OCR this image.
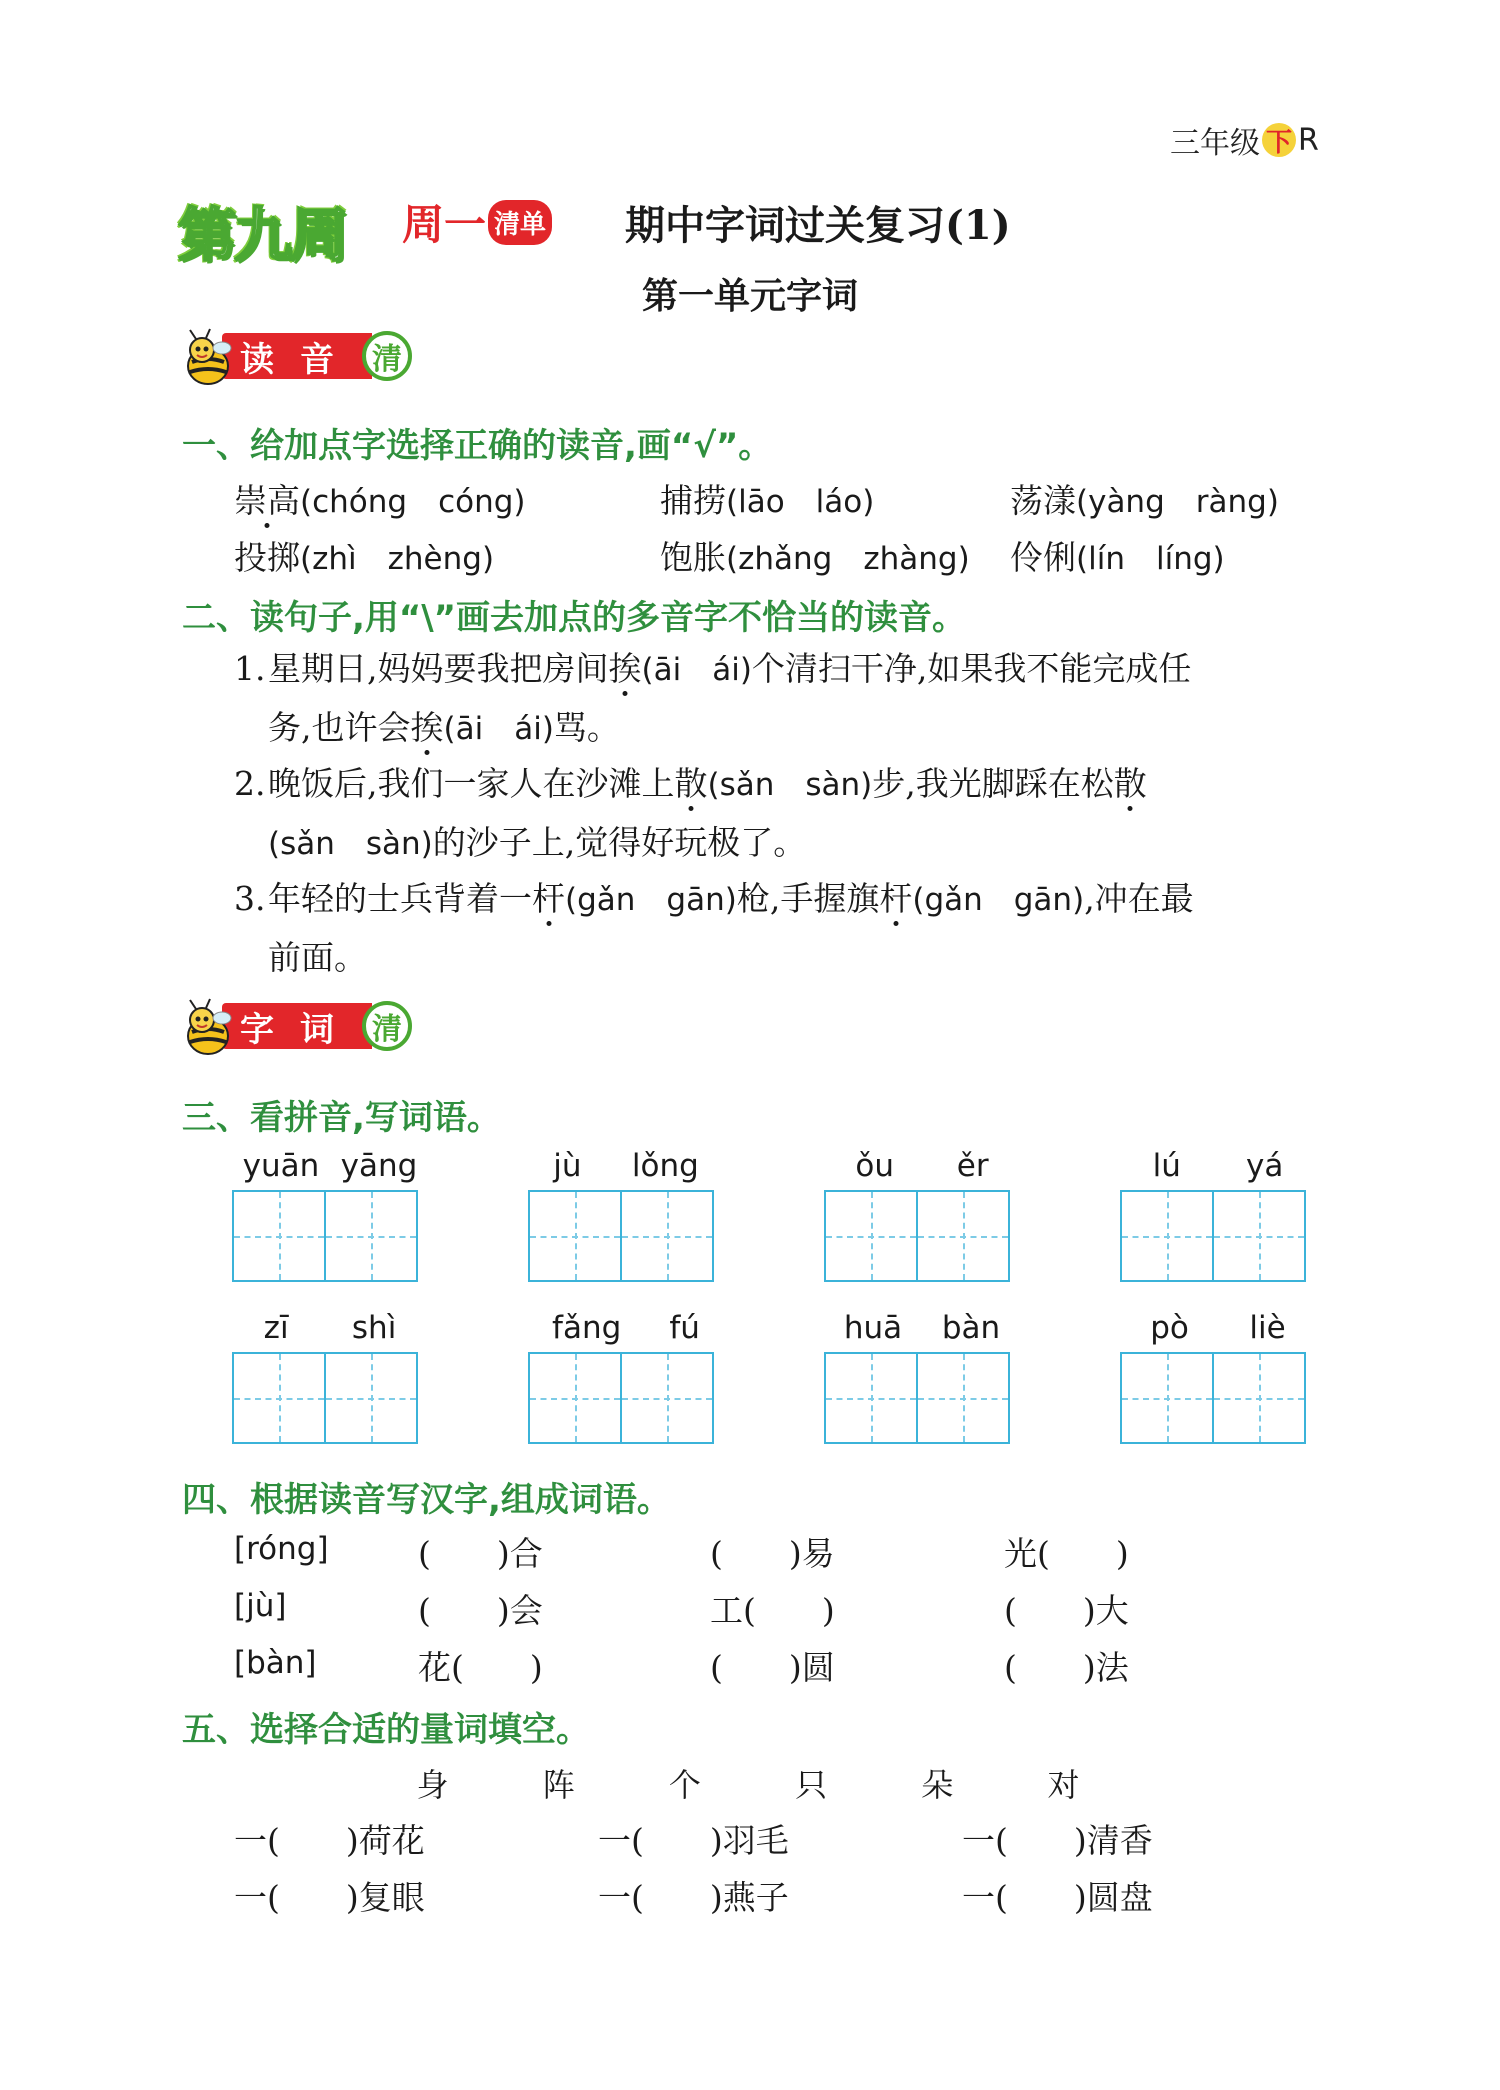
三年级 下 R
第九周 周一 清单 期中字词过关复习(1)
第一单元字词
读音 清
一、给加点字选择正确的读音,画“√”。
崇高(chóng　cóng)	捕捞(lāo　láo)	荡漾(yàng　ràng)
投掷(zhì　zhèng)	饱胀(zhǎng　zhàng) 伶俐(lín　líng)
二、读句子,用“\”画去加点的多音字不恰当的读音。
1.星期日,妈妈要我把房间挨(āi　ái)个清扫干净,如果我不能完成任
务,也许会挨(āi　ái)骂。
2.晚饭后,我们一家人在沙滩上散(sǎn　sàn)步,我光脚踩在松散
(sǎn　sàn)的沙子上,觉得好玩极了。
3.年轻的士兵背着一杆(gǎn　gān)枪,手握旗杆(gǎn　gān),冲在最
前面。
字词 清
三、看拼音,写词语。
yuān yāng	jù lǒng	ǒu ěr	lú yá
zī shì	fǎng fú	huā bàn	pò liè
四、根据读音写汉字,组成词语。
[róng]	(　　)合	(　　)易	光(　　)
[jù]	(　　)会	工(　　)	(　　)大
[bàn]	花(　　)	(　　)圆	(　　)法
五、选择合适的量词填空。
身	阵	个	只	朵	对
一(　　)荷花	一(　　)羽毛	一(　　)清香
一(　　)复眼	一(　　)燕子	一(　　)圆盘
